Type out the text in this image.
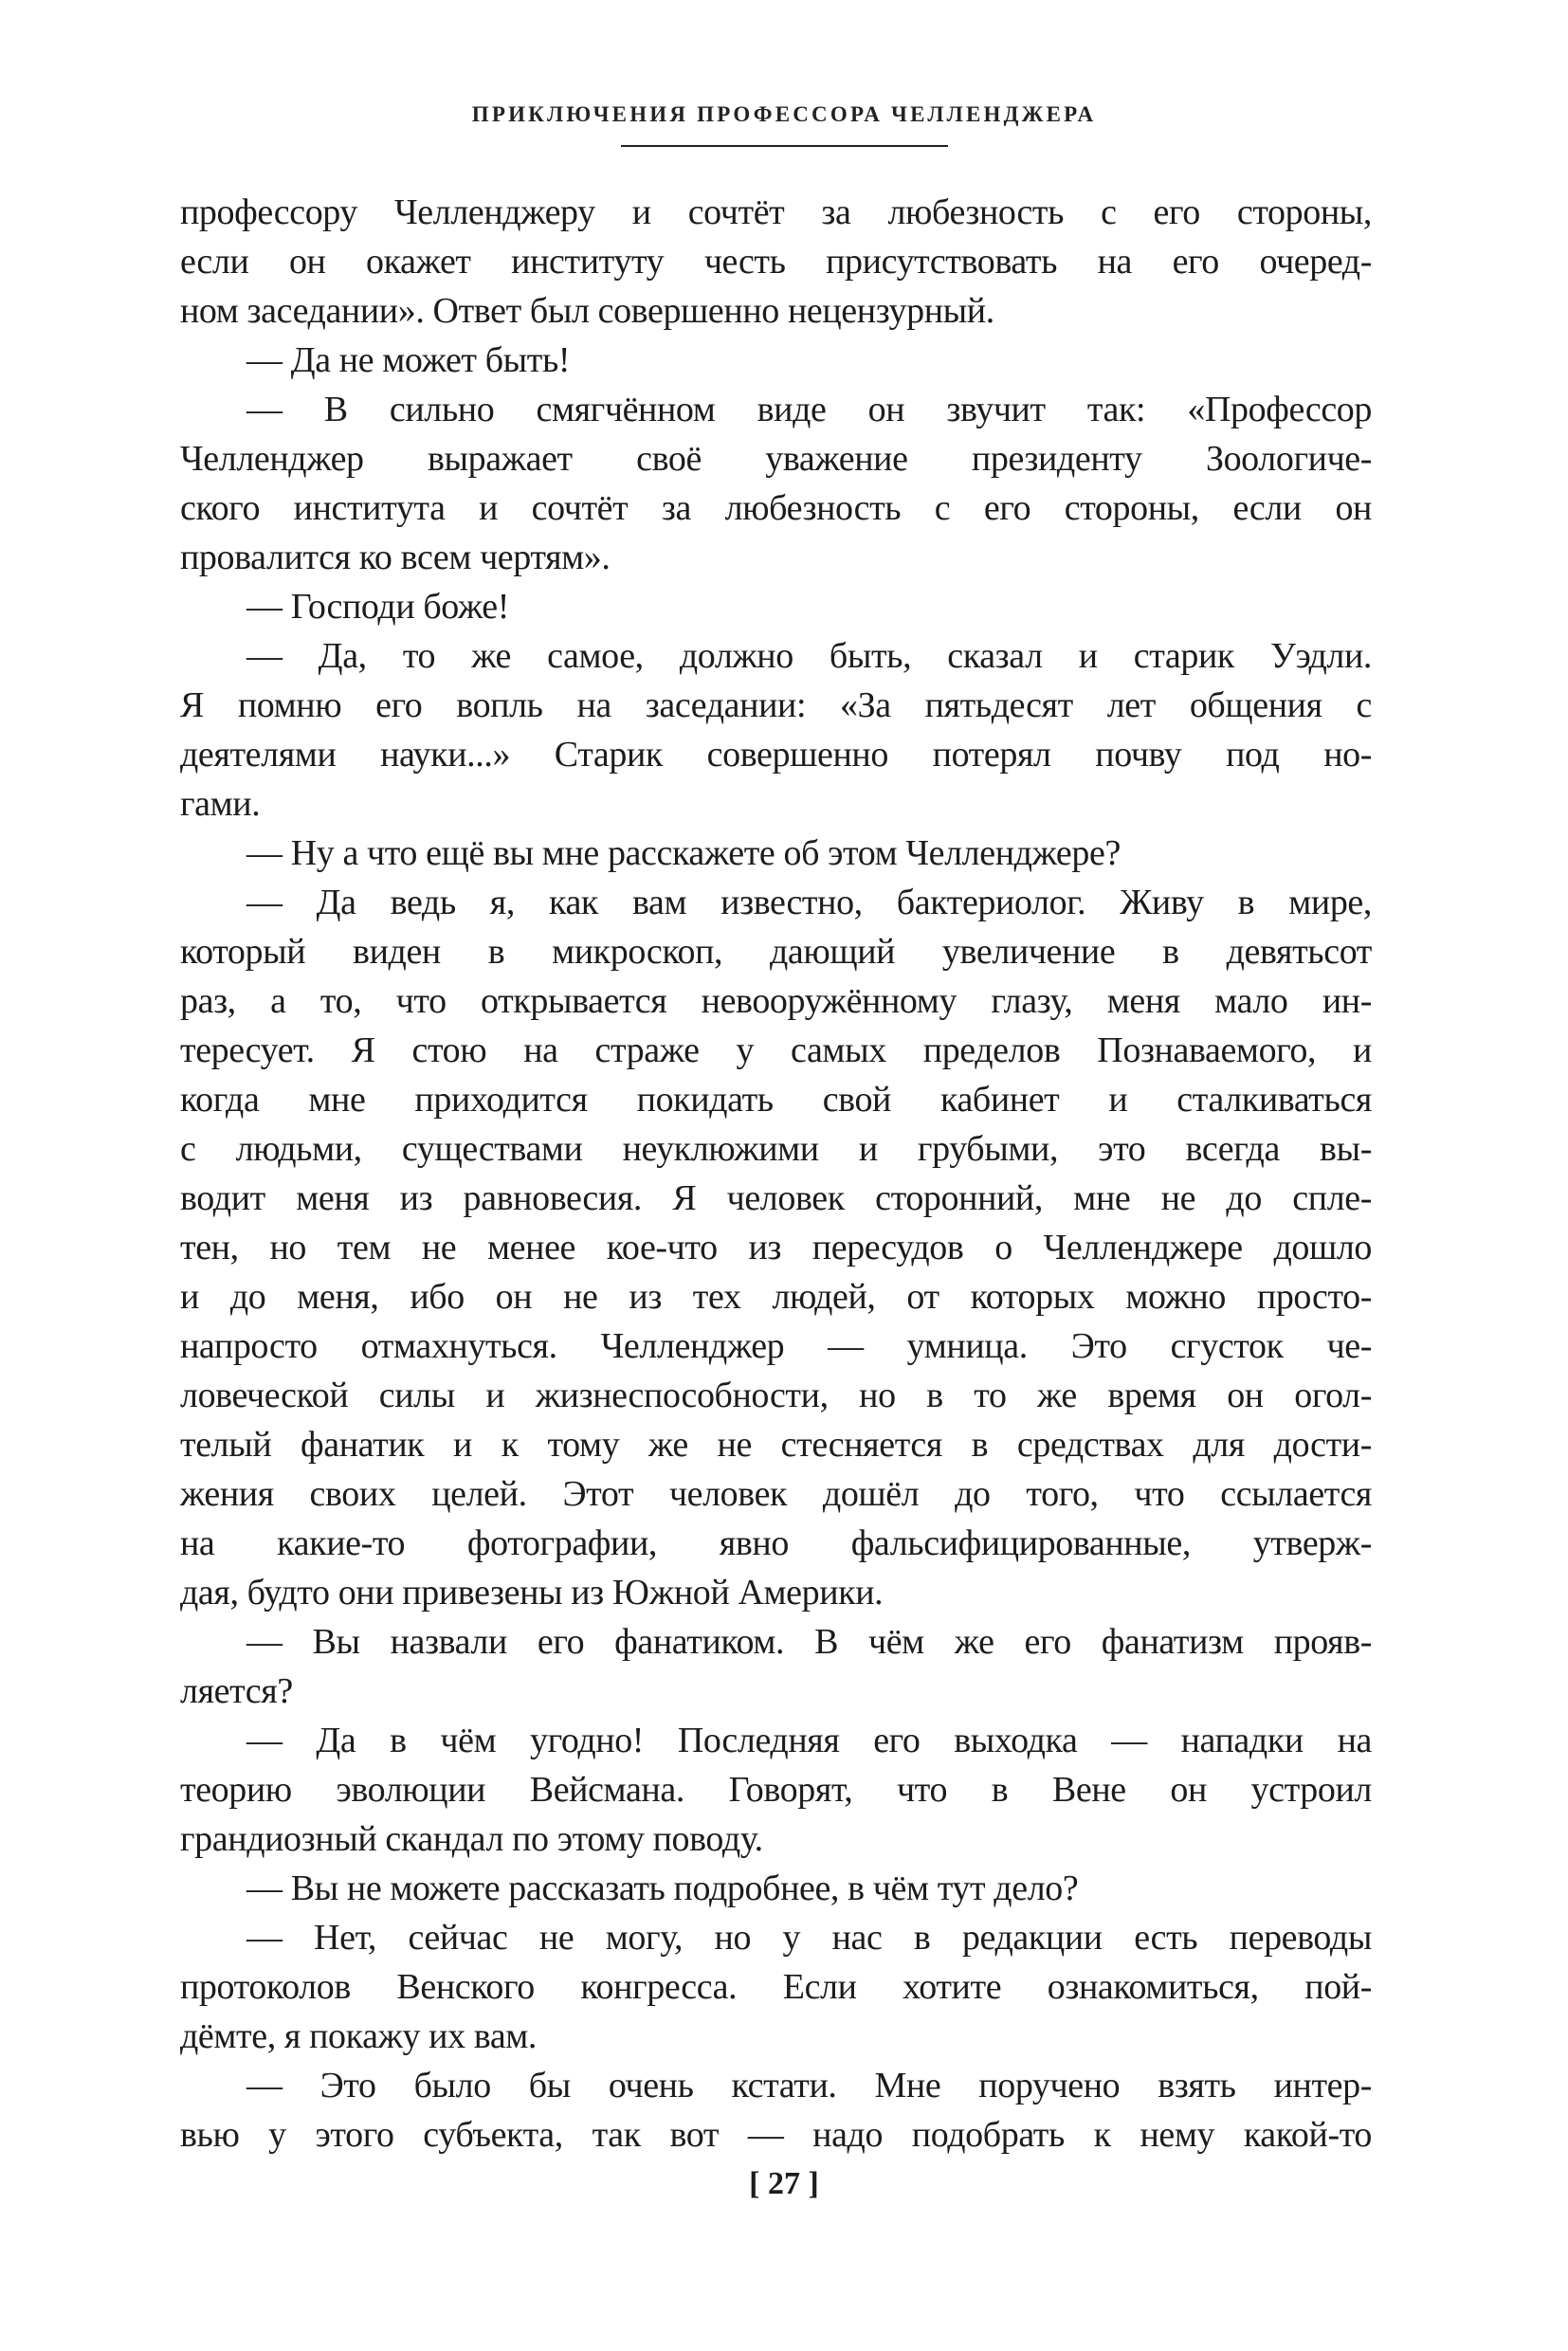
ПРИКЛЮЧЕНИЯ ПРОФЕССОРА ЧЕЛЛЕНДЖЕРА
профессору Челленджеру и сочтёт за любезность с его стороны,
если он окажет институту честь присутствовать на его очеред-
ном заседании». Ответ был совершенно нецензурный.
— Да не может быть!
— В сильно смягчённом виде он звучит так: «Профессор
Челленджер выражает своё уважение президенту Зоологиче-
ского института и сочтёт за любезность с его стороны, если он
провалится ко всем чертям».
— Господи боже!
— Да, то же самое, должно быть, сказал и старик Уэдли.
Я помню его вопль на заседании: «За пятьдесят лет общения с
деятелями науки...» Старик совершенно потерял почву под но-
гами.
— Ну а что ещё вы мне расскажете об этом Челленджере?
— Да ведь я, как вам известно, бактериолог. Живу в мире,
который виден в микроскоп, дающий увеличение в девятьсот
раз, а то, что открывается невооружённому глазу, меня мало ин-
тересует. Я стою на страже у самых пределов Познаваемого, и
когда мне приходится покидать свой кабинет и сталкиваться
с людьми, существами неуклюжими и грубыми, это всегда вы-
водит меня из равновесия. Я человек сторонний, мне не до спле-
тен, но тем не менее кое-что из пересудов о Челленджере дошло
и до меня, ибо он не из тех людей, от которых можно просто-
напросто отмахнуться. Челленджер — умница. Это сгусток че-
ловеческой силы и жизнеспособности, но в то же время он огол-
телый фанатик и к тому же не стесняется в средствах для дости-
жения своих целей. Этот человек дошёл до того, что ссылается
на какие-то фотографии, явно фальсифицированные, утверж-
дая, будто они привезены из Южной Америки.
— Вы назвали его фанатиком. В чём же его фанатизм прояв-
ляется?
— Да в чём угодно! Последняя его выходка — нападки на
теорию эволюции Вейсмана. Говорят, что в Вене он устроил
грандиозный скандал по этому поводу.
— Вы не можете рассказать подробнее, в чём тут дело?
— Нет, сейчас не могу, но у нас в редакции есть переводы
протоколов Венского конгресса. Если хотите ознакомиться, пой-
дёмте, я покажу их вам.
— Это было бы очень кстати. Мне поручено взять интер-
вью у этого субъекта, так вот — надо подобрать к нему какой-то
[ 27 ]
